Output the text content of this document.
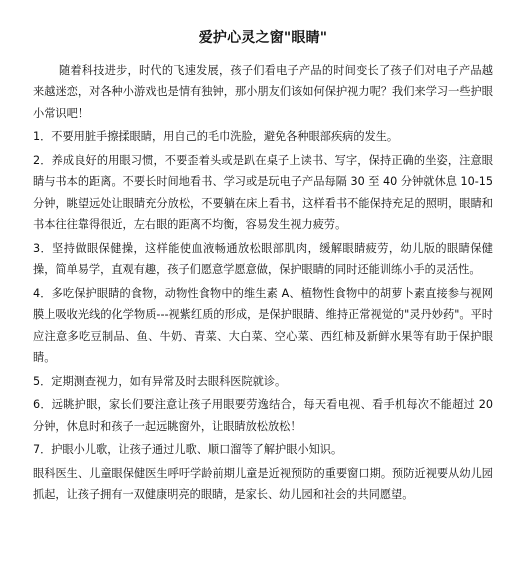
爱护心灵之窗"眼睛"

随着科技进步，时代的飞速发展，孩子们看电子产品的时间变长了孩子们对电子产品越来越迷恋，对各种小游戏也是情有独钟，那小朋友们该如何保护视力呢？我们来学习一些护眼小常识吧！

1．不要用脏手擦揉眼睛，用自己的毛巾洗脸，避免各种眼部疾病的发生。

2．养成良好的用眼习惯，不要歪着头或是趴在桌子上读书、写字，保持正确的坐姿，注意眼睛与书本的距离。不要长时间地看书、学习或是玩电子产品每隔 30 至 40 分钟就休息 10-15 分钟，眺望远处让眼睛充分放松，不要躺在床上看书，这样看书不能保持充足的照明，眼睛和书本往往靠得很近，左右眼的距离不均衡，容易发生视力疲劳。

3．坚持做眼保健操，这样能使血液畅通放松眼部肌肉，缓解眼睛疲劳，幼儿版的眼睛保健操，简单易学，直观有趣，孩子们愿意学愿意做，保护眼睛的同时还能训练小手的灵活性。

4．多吃保护眼睛的食物，动物性食物中的维生素 A、植物性食物中的胡萝卜素直接参与视网膜上吸收光线的化学物质---视紫红质的形成，是保护眼睛、维持正常视觉的"灵丹妙药"。平时应注意多吃豆制品、鱼、牛奶、青菜、大白菜、空心菜、西红柿及新鲜水果等有助于保护眼睛。

5．定期测查视力，如有异常及时去眼科医院就诊。

6．远眺护眼，家长们要注意让孩子用眼要劳逸结合，每天看电视、看手机每次不能超过 20 分钟，休息时和孩子一起远眺窗外，让眼睛放松放松！

7．护眼小儿歌，让孩子通过儿歌、顺口溜等了解护眼小知识。

眼科医生、儿童眼保健医生呼吁学龄前期儿童是近视预防的重要窗口期。预防近视要从幼儿园抓起，让孩子拥有一双健康明亮的眼睛，是家长、幼儿园和社会的共同愿望。
